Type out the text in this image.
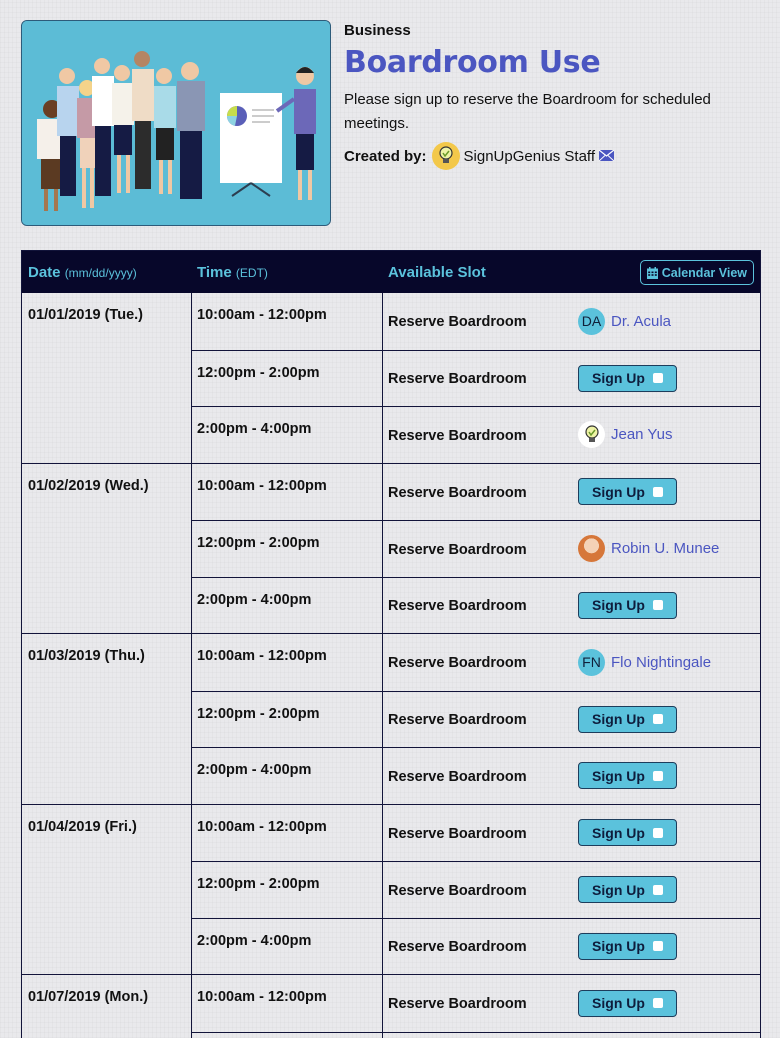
Business
Boardroom Use
Please sign up to reserve the Boardroom for scheduled meetings.
Created by: SignUpGenius Staff
Date (mm/dd/yyyy)	Time (EDT)	Available Slot	Calendar View
01/01/2019 (Tue.)	10:00am - 12:00pm	Reserve Boardroom	DA Dr. Acula
12:00pm - 2:00pm	Reserve Boardroom	Sign Up
2:00pm - 4:00pm	Reserve Boardroom	Jean Yus
01/02/2019 (Wed.)	10:00am - 12:00pm	Reserve Boardroom	Sign Up
12:00pm - 2:00pm	Reserve Boardroom	Robin U. Munee
2:00pm - 4:00pm	Reserve Boardroom	Sign Up
01/03/2019 (Thu.)	10:00am - 12:00pm	Reserve Boardroom	FN Flo Nightingale
12:00pm - 2:00pm	Reserve Boardroom	Sign Up
2:00pm - 4:00pm	Reserve Boardroom	Sign Up
01/04/2019 (Fri.)	10:00am - 12:00pm	Reserve Boardroom	Sign Up
12:00pm - 2:00pm	Reserve Boardroom	Sign Up
2:00pm - 4:00pm	Reserve Boardroom	Sign Up
01/07/2019 (Mon.)	10:00am - 12:00pm	Reserve Boardroom	Sign Up
